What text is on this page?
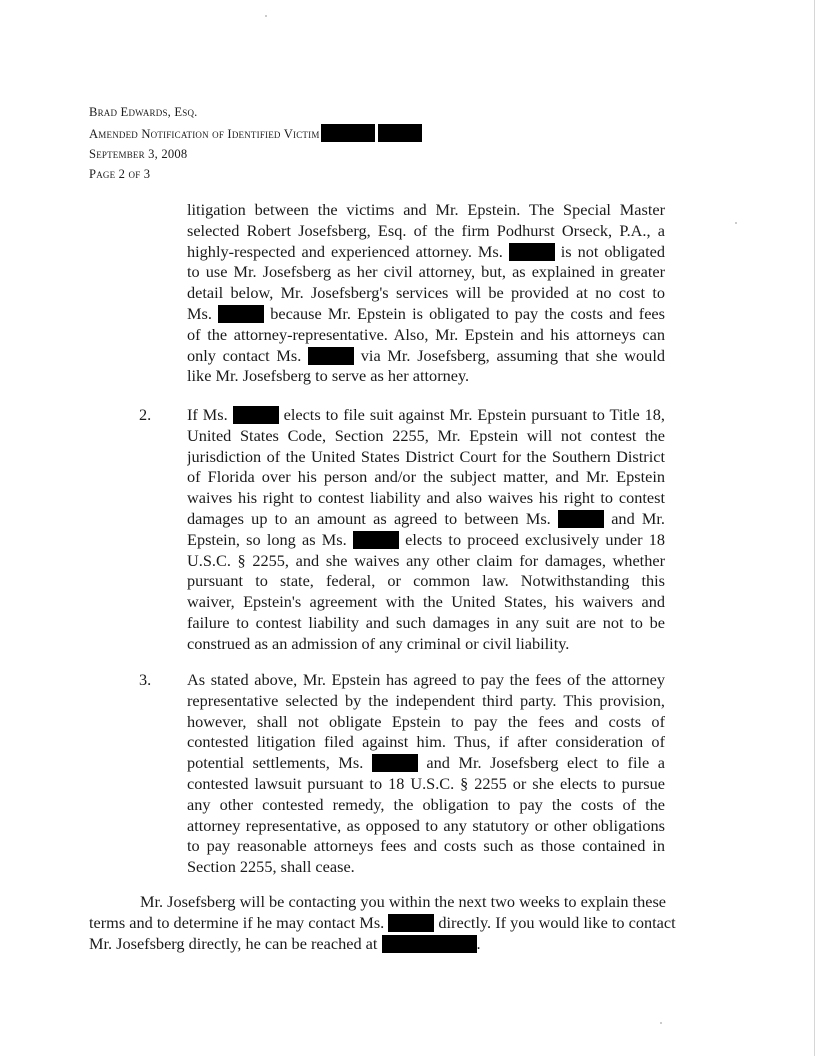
Brad Edwards, Esq.
Amended Notification of Identified Victim
September 3, 2008
Page 2 of 3
litigation between the victims and Mr. Epstein. The Special Master
selected Robert Josefsberg, Esq. of the firm Podhurst Orseck, P.A., a
highly-respected and experienced attorney. Ms.	is not obligated
to use Mr. Josefsberg as her civil attorney, but, as explained in greater
detail below, Mr. Josefsberg's services will be provided at no cost to
Ms.	because Mr. Epstein is obligated to pay the costs and fees
of the attorney-representative. Also, Mr. Epstein and his attorneys can
only contact Ms.	via Mr. Josefsberg, assuming that she would
like Mr. Josefsberg to serve as her attorney.
2. If Ms.	elects to file suit against Mr. Epstein pursuant to Title 18,
United States Code, Section 2255, Mr. Epstein will not contest the
jurisdiction of the United States District Court for the Southern District
of Florida over his person and/or the subject matter, and Mr. Epstein
waives his right to contest liability and also waives his right to contest
damages up to an amount as agreed to between Ms.	and Mr.
Epstein, so long as Ms.	elects to proceed exclusively under 18
U.S.C. § 2255, and she waives any other claim for damages, whether
pursuant to state, federal, or common law. Notwithstanding this
waiver, Epstein's agreement with the United States, his waivers and
failure to contest liability and such damages in any suit are not to be
construed as an admission of any criminal or civil liability.
3. As stated above, Mr. Epstein has agreed to pay the fees of the attorney
representative selected by the independent third party. This provision,
however, shall not obligate Epstein to pay the fees and costs of
contested litigation filed against him. Thus, if after consideration of
potential settlements, Ms.	and Mr. Josefsberg elect to file a
contested lawsuit pursuant to 18 U.S.C. § 2255 or she elects to pursue
any other contested remedy, the obligation to pay the costs of the
attorney representative, as opposed to any statutory or other obligations
to pay reasonable attorneys fees and costs such as those contained in
Section 2255, shall cease.
Mr. Josefsberg will be contacting you within the next two weeks to explain these
terms and to determine if he may contact Ms.	directly. If you would like to contact
Mr. Josefsberg directly, he can be reached at	.
